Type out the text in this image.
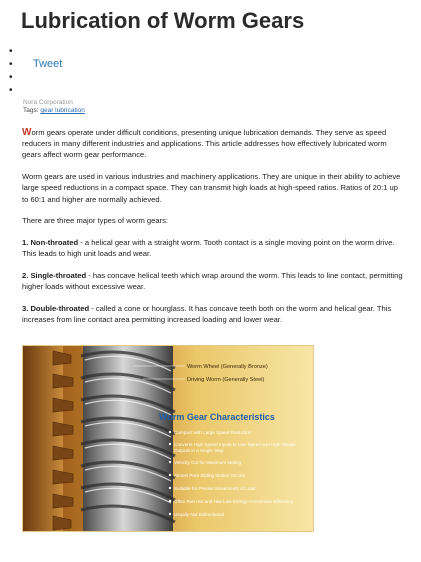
Lubrication of Worm Gears
•
• Tweet
•
•
Nora Corporation
Tags: gear lubrication

Worm gears operate under difficult conditions, presenting unique lubrication demands. They serve as speed reducers in many different industries and applications. This article addresses how effectively lubricated worm gears affect worm gear performance.

Worm gears are used in various industries and machinery applications. They are unique in their ability to achieve large speed reductions in a compact space. They can transmit high loads at high-speed ratios. Ratios of 20:1 up to 60:1 and higher are normally achieved.

There are three major types of worm gears:

1. Non-throated - a helical gear with a straight worm. Tooth contact is a single moving point on the worm drive. This leads to high unit loads and wear.

2. Single-throated - has concave helical teeth which wrap around the worm. This leads to line contact, permitting higher loads without excessive wear.

3. Double-throated - called a cone or hourglass. It has concave teeth both on the worm and helical gear. This increases from line contact area permitting increased loading and lower wear.

Worm Wheel (Generally Bronze)
Driving Worm (Generally Steel)
Worm Gear Characteristics
Compact with Large Speed Reduction
Converts High Speed Inputs to Low Speed and High Torque Outputs in a Single Step
Velocity Cut for Maximum Mating
Almost Pure Sliding Motion Occurs
Suitable for Precise Movements of Load
Often Run Hot and Has Low Energy-Conversion Efficiency
Usually Not Bidirectional
